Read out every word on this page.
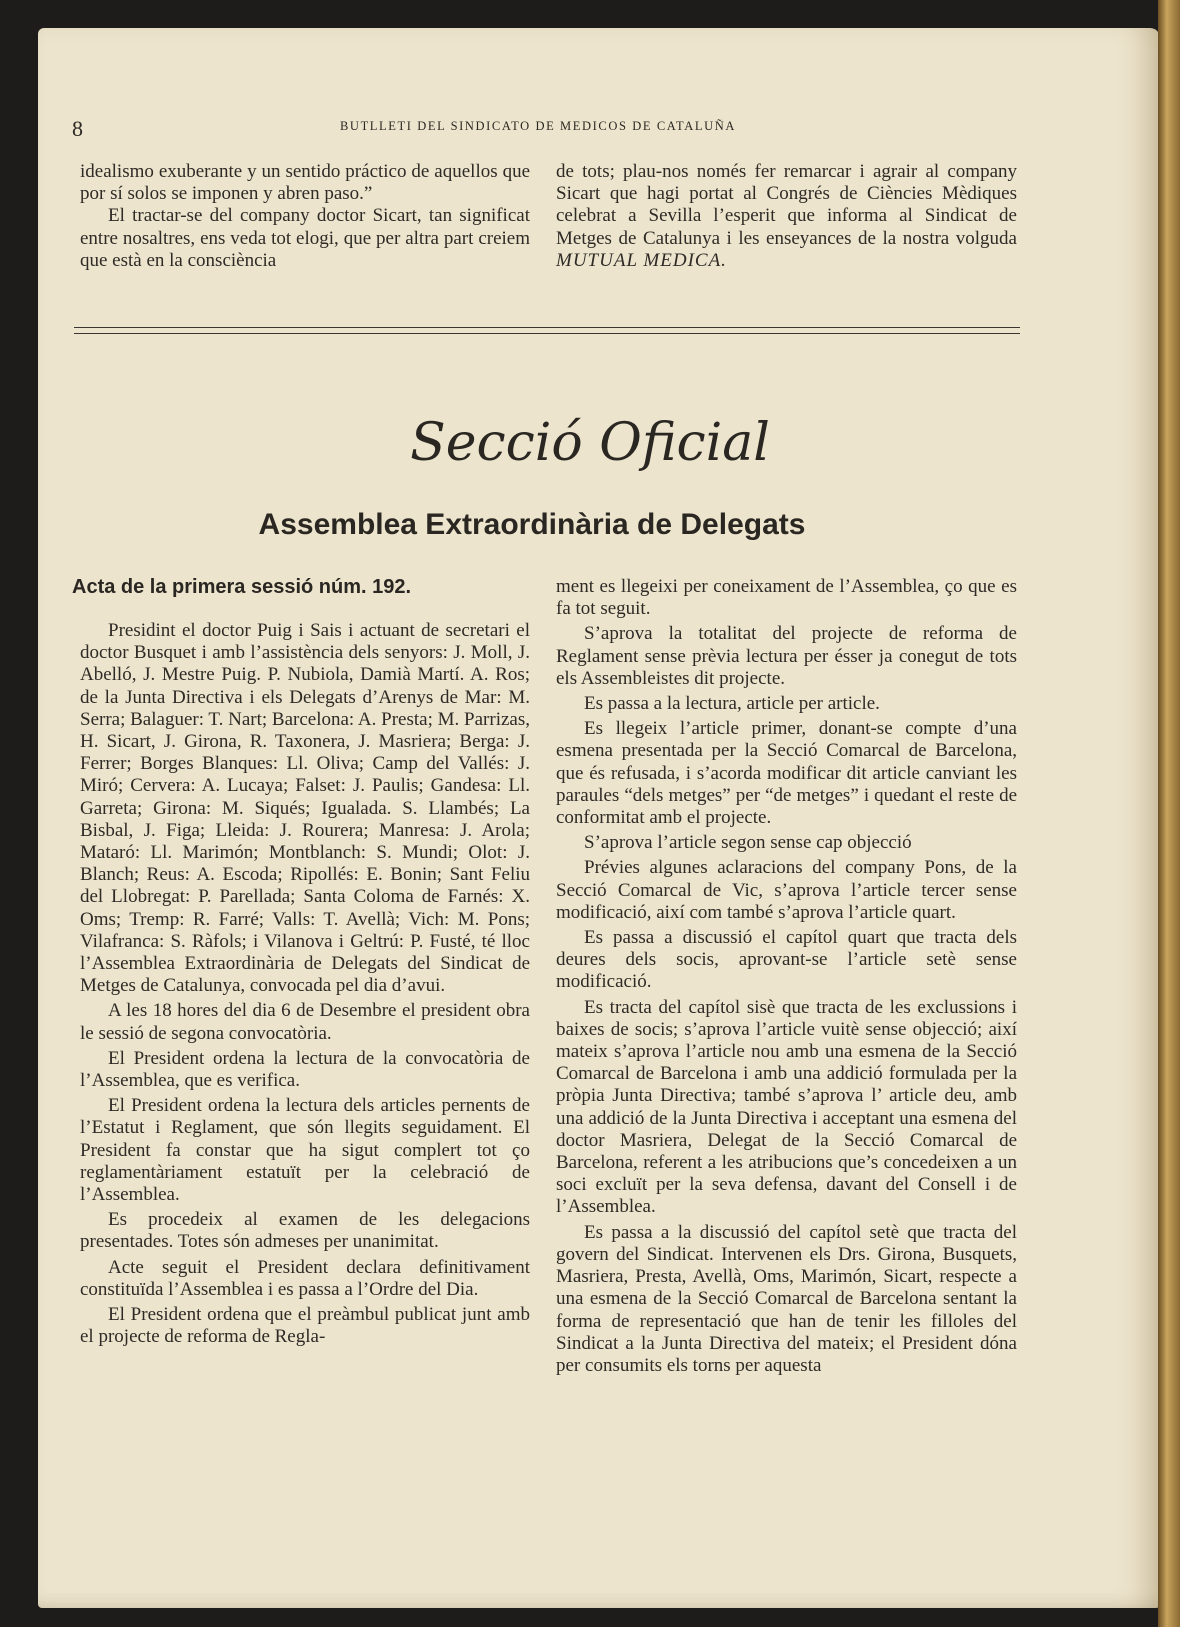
8	BUTLLETI DEL SINDICATO DE MEDICOS DE CATALUÑA

idealismo exuberante y un sentido práctico de aquellos que por sí solos se imponen y abren paso.”

El tractar-se del company doctor Sicart, tan significat entre nosaltres, ens veda tot elogi, que per altra part creiem que està en la consciència

de tots; plau-nos només fer remarcar i agrair al company Sicart que hagi portat al Congrés de Ciències Mèdiques celebrat a Sevilla l’esperit que informa al Sindicat de Metges de Catalunya i les enseyances de la nostra volguda MUTUAL MEDICA.

Secció Oficial
Assemblea Extraordinària de Delegats
Acta de la primera sessió núm. 192.

Presidint el doctor Puig i Sais i actuant de secretari el doctor Busquet i amb l’assistència dels senyors: J. Moll, J. Abelló, J. Mestre Puig. P. Nubiola, Damià Martí. A. Ros; de la Junta Directiva i els Delegats d’Arenys de Mar: M. Serra; Balaguer: T. Nart; Barcelona: A. Presta; M. Parrizas, H. Sicart, J. Girona, R. Taxonera, J. Masriera; Berga: J. Ferrer; Borges Blanques: Ll. Oliva; Camp del Vallés: J. Miró; Cervera: A. Lucaya; Falset: J. Paulis; Gandesa: Ll. Garreta; Girona: M. Siqués; Igualada. S. Llambés; La Bisbal, J. Figa; Lleida: J. Rourera; Manresa: J. Arola; Mataró: Ll. Marimón; Montblanch: S. Mundi; Olot: J. Blanch; Reus: A. Escoda; Ripollés: E. Bonin; Sant Feliu del Llobregat: P. Parellada; Santa Coloma de Farnés: X. Oms; Tremp: R. Farré; Valls: T. Avellà; Vich: M. Pons; Vilafranca: S. Ràfols; i Vilanova i Geltrú: P. Fusté, té lloc l’Assemblea Extraordinària de Delegats del Sindicat de Metges de Catalunya, convocada pel dia d’avui.

A les 18 hores del dia 6 de Desembre el president obra le sessió de segona convocatòria.

El President ordena la lectura de la convocatòria de l’Assemblea, que es verifica.

El President ordena la lectura dels articles pernents de l’Estatut i Reglament, que són llegits seguidament. El President fa constar que ha sigut complert tot ço reglamentàriament estatuït per la celebració de l’Assemblea.

Es procedeix al examen de les delegacions presentades. Totes són admeses per unanimitat.

Acte seguit el President declara definitivament constituïda l’Assemblea i es passa a l’Ordre del Dia.

El President ordena que el preàmbul publicat junt amb el projecte de reforma de Regla-

ment es llegeixi per coneixament de l’Assemblea, ço que es fa tot seguit.

S’aprova la totalitat del projecte de reforma de Reglament sense prèvia lectura per ésser ja conegut de tots els Assembleistes dit projecte.

Es passa a la lectura, article per article.

Es llegeix l’article primer, donant-se compte d’una esmena presentada per la Secció Comarcal de Barcelona, que és refusada, i s’acorda modificar dit article canviant les paraules “dels metges” per “de metges” i quedant el reste de conformitat amb el projecte.

S’aprova l’article segon sense cap objecció

Prévies algunes aclaracions del company Pons, de la Secció Comarcal de Vic, s’aprova l’article tercer sense modificació, així com també s’aprova l’article quart.

Es passa a discussió el capítol quart que tracta dels deures dels socis, aprovant-se l’article setè sense modificació.

Es tracta del capítol sisè que tracta de les exclussions i baixes de socis; s’aprova l’article vuitè sense objecció; així mateix s’aprova l’article nou amb una esmena de la Secció Comarcal de Barcelona i amb una addició formulada per la pròpia Junta Directiva; també s’aprova l’ article deu, amb una addició de la Junta Directiva i acceptant una esmena del doctor Masriera, Delegat de la Secció Comarcal de Barcelona, referent a les atribucions que’s concedeixen a un soci excluït per la seva defensa, davant del Consell i de l’Assemblea.

Es passa a la discussió del capítol setè que tracta del govern del Sindicat. Intervenen els Drs. Girona, Busquets, Masriera, Presta, Avellà, Oms, Marimón, Sicart, respecte a una esmena de la Secció Comarcal de Barcelona sentant la forma de representació que han de tenir les filloles del Sindicat a la Junta Directiva del mateix; el President dóna per consumits els torns per aquesta
